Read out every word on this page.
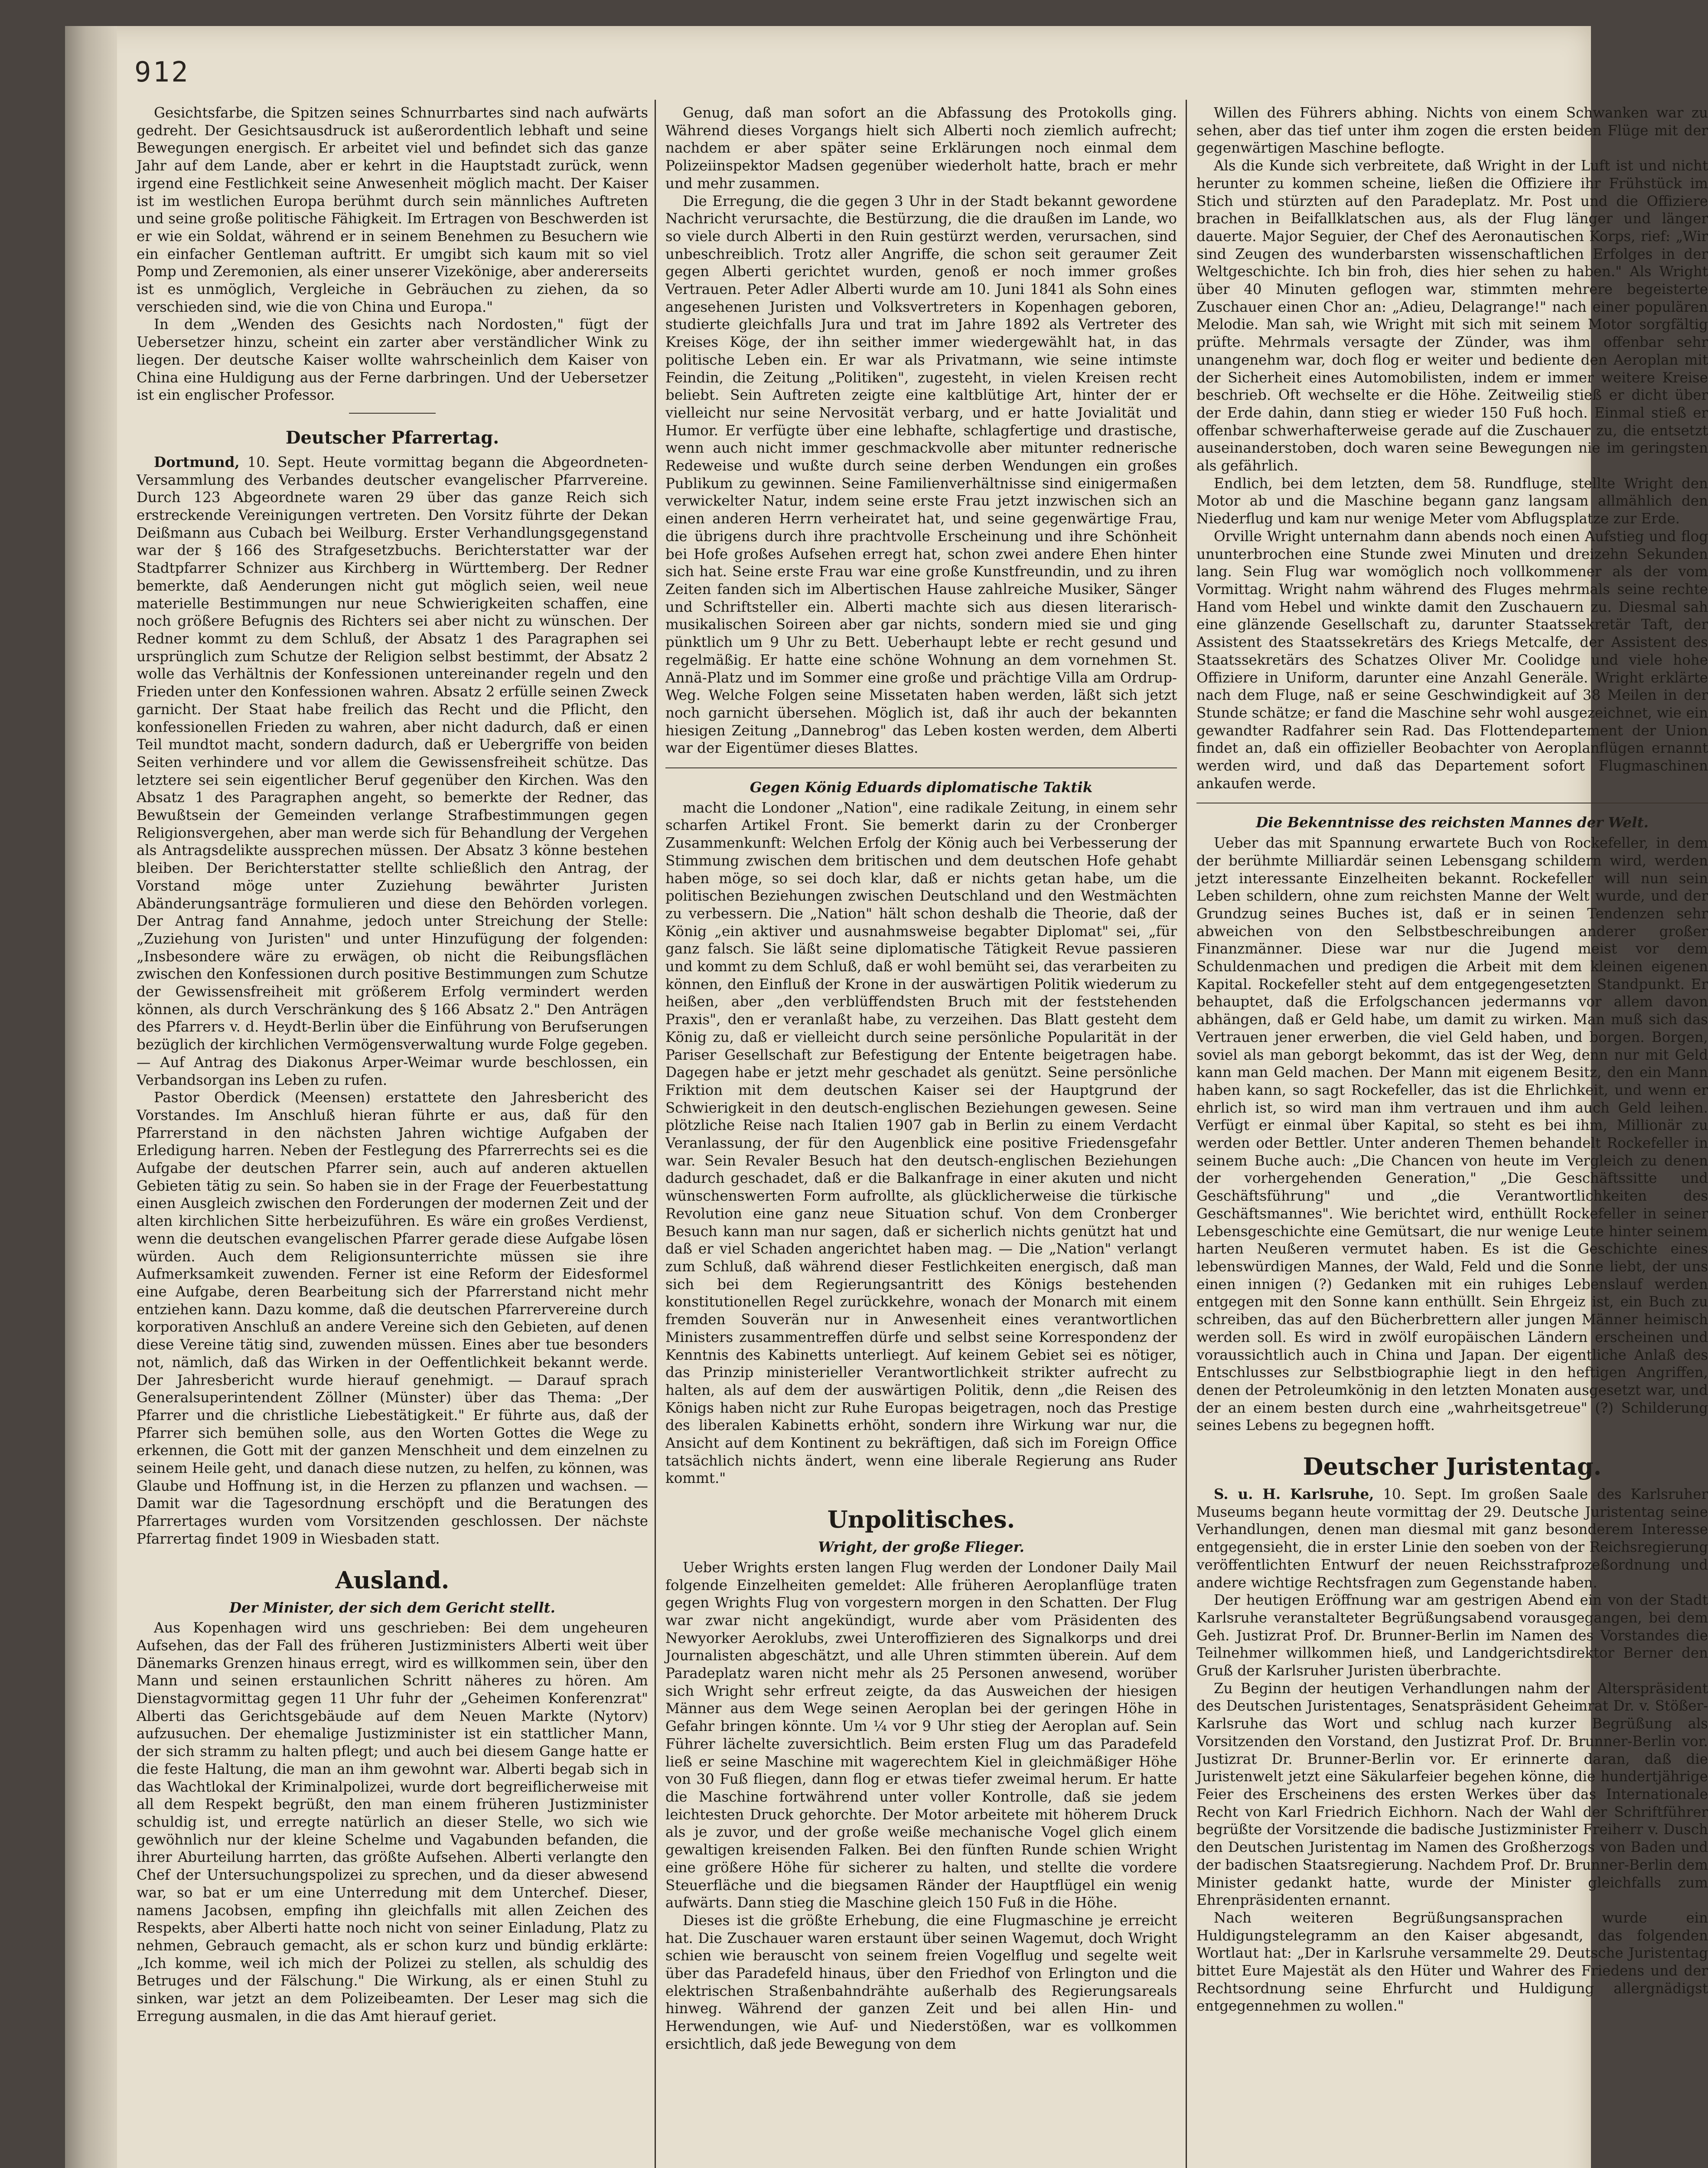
912

Gesichtsfarbe, die Spitzen seines Schnurrbartes sind nach aufwärts gedreht. Der Gesichtsausdruck ist außerordentlich lebhaft und seine Bewegungen energisch. Er arbeitet viel und befindet sich das ganze Jahr auf dem Lande, aber er kehrt in die Hauptstadt zurück, wenn irgend eine Festlichkeit seine Anwesenheit möglich macht. Der Kaiser ist im westlichen Europa berühmt durch sein männliches Auftreten und seine große politische Fähigkeit. Im Ertragen von Beschwerden ist er wie ein Soldat, während er in seinem Benehmen zu Besuchern wie ein einfacher Gentleman auftritt. Er umgibt sich kaum mit so viel Pomp und Zeremonien, als einer unserer Vizekönige, aber andererseits ist es unmöglich, Vergleiche in Gebräuchen zu ziehen, da so verschieden sind, wie die von China und Europa."

In dem „Wenden des Gesichts nach Nordosten," fügt der Uebersetzer hinzu, scheint ein zarter aber verständlicher Wink zu liegen. Der deutsche Kaiser wollte wahrscheinlich dem Kaiser von China eine Huldigung aus der Ferne darbringen. Und der Uebersetzer ist ein englischer Professor.

Deutscher Pfarrertag.

Dortmund, 10. Sept. Heute vormittag begann die Abgeordneten-Versammlung des Verbandes deutscher evangelischer Pfarrvereine. Durch 123 Abgeordnete waren 29 über das ganze Reich sich erstreckende Vereinigungen vertreten. Den Vorsitz führte der Dekan Deißmann aus Cubach bei Weilburg. Erster Verhandlungsgegenstand war der § 166 des Strafgesetzbuchs. Berichterstatter war der Stadtpfarrer Schnizer aus Kirchberg in Württemberg. Der Redner bemerkte, daß Aenderungen nicht gut möglich seien, weil neue materielle Bestimmungen nur neue Schwierigkeiten schaffen, eine noch größere Befugnis des Richters sei aber nicht zu wünschen. Der Redner kommt zu dem Schluß, der Absatz 1 des Paragraphen sei ursprünglich zum Schutze der Religion selbst bestimmt, der Absatz 2 wolle das Verhältnis der Konfessionen untereinander regeln und den Frieden unter den Konfessionen wahren. Absatz 2 erfülle seinen Zweck garnicht. Der Staat habe freilich das Recht und die Pflicht, den konfessionellen Frieden zu wahren, aber nicht dadurch, daß er einen Teil mundtot macht, sondern dadurch, daß er Uebergriffe von beiden Seiten verhindere und vor allem die Gewissensfreiheit schütze. Das letztere sei sein eigentlicher Beruf gegenüber den Kirchen. Was den Absatz 1 des Paragraphen angeht, so bemerkte der Redner, das Bewußtsein der Gemeinden verlange Strafbestimmungen gegen Religionsvergehen, aber man werde sich für Behandlung der Vergehen als Antragsdelikte aussprechen müssen. Der Absatz 3 könne bestehen bleiben. Der Berichterstatter stellte schließlich den Antrag, der Vorstand möge unter Zuziehung bewährter Juristen Abänderungsanträge formulieren und diese den Behörden vorlegen. Der Antrag fand Annahme, jedoch unter Streichung der Stelle: „Zuziehung von Juristen" und unter Hinzufügung der folgenden: „Insbesondere wäre zu erwägen, ob nicht die Reibungsflächen zwischen den Konfessionen durch positive Bestimmungen zum Schutze der Gewissensfreiheit mit größerem Erfolg vermindert werden können, als durch Verschränkung des § 166 Absatz 2." Den Anträgen des Pfarrers v. d. Heydt-Berlin über die Einführung von Berufserungen bezüglich der kirchlichen Vermögensverwaltung wurde Folge gegeben. — Auf Antrag des Diakonus Arper-Weimar wurde beschlossen, ein Verbandsorgan ins Leben zu rufen.

Pastor Oberdick (Meensen) erstattete den Jahresbericht des Vorstandes. Im Anschluß hieran führte er aus, daß für den Pfarrerstand in den nächsten Jahren wichtige Aufgaben der Erledigung harren. Neben der Festlegung des Pfarrerrechts sei es die Aufgabe der deutschen Pfarrer sein, auch auf anderen aktuellen Gebieten tätig zu sein. So haben sie in der Frage der Feuerbestattung einen Ausgleich zwischen den Forderungen der modernen Zeit und der alten kirchlichen Sitte herbeizuführen. Es wäre ein großes Verdienst, wenn die deutschen evangelischen Pfarrer gerade diese Aufgabe lösen würden. Auch dem Religionsunterrichte müssen sie ihre Aufmerksamkeit zuwenden. Ferner ist eine Reform der Eidesformel eine Aufgabe, deren Bearbeitung sich der Pfarrerstand nicht mehr entziehen kann. Dazu komme, daß die deutschen Pfarrervereine durch korporativen Anschluß an andere Vereine sich den Gebieten, auf denen diese Vereine tätig sind, zuwenden müssen. Eines aber tue besonders not, nämlich, daß das Wirken in der Oeffentlichkeit bekannt werde. Der Jahresbericht wurde hierauf genehmigt. — Darauf sprach Generalsuperintendent Zöllner (Münster) über das Thema: „Der Pfarrer und die christliche Liebestätigkeit." Er führte aus, daß der Pfarrer sich bemühen solle, aus den Worten Gottes die Wege zu erkennen, die Gott mit der ganzen Menschheit und dem einzelnen zu seinem Heile geht, und danach diese nutzen, zu helfen, zu können, was Glaube und Hoffnung ist, in die Herzen zu pflanzen und wachsen. — Damit war die Tagesordnung erschöpft und die Beratungen des Pfarrertages wurden vom Vorsitzenden geschlossen. Der nächste Pfarrertag findet 1909 in Wiesbaden statt.

Ausland.
Der Minister, der sich dem Gericht stellt.

Aus Kopenhagen wird uns geschrieben: Bei dem ungeheuren Aufsehen, das der Fall des früheren Justizministers Alberti weit über Dänemarks Grenzen hinaus erregt, wird es willkommen sein, über den Mann und seinen erstaunlichen Schritt näheres zu hören. Am Dienstagvormittag gegen 11 Uhr fuhr der „Geheimen Konferenzrat" Alberti das Gerichtsgebäude auf dem Neuen Markte (Nytorv) aufzusuchen. Der ehemalige Justizminister ist ein stattlicher Mann, der sich stramm zu halten pflegt; und auch bei diesem Gange hatte er die feste Haltung, die man an ihm gewohnt war. Alberti begab sich in das Wachtlokal der Kriminalpolizei, wurde dort begreiflicherweise mit all dem Respekt begrüßt, den man einem früheren Justizminister schuldig ist, und erregte natürlich an dieser Stelle, wo sich wie gewöhnlich nur der kleine Schelme und Vagabunden befanden, die ihrer Aburteilung harrten, das größte Aufsehen. Alberti verlangte den Chef der Untersuchungspolizei zu sprechen, und da dieser abwesend war, so bat er um eine Unterredung mit dem Unterchef. Dieser, namens Jacobsen, empfing ihn gleichfalls mit allen Zeichen des Respekts, aber Alberti hatte noch nicht von seiner Einladung, Platz zu nehmen, Gebrauch gemacht, als er schon kurz und bündig erklärte: „Ich komme, weil ich mich der Polizei zu stellen, als schuldig des Betruges und der Fälschung." Die Wirkung, als er einen Stuhl zu sinken, war jetzt an dem Polizeibeamten. Der Leser mag sich die Erregung ausmalen, in die das Amt hierauf geriet.

Genug, daß man sofort an die Abfassung des Protokolls ging. Während dieses Vorgangs hielt sich Alberti noch ziemlich aufrecht; nachdem er aber später seine Erklärungen noch einmal dem Polizeiinspektor Madsen gegenüber wiederholt hatte, brach er mehr und mehr zusammen.

Die Erregung, die die gegen 3 Uhr in der Stadt bekannt gewordene Nachricht verursachte, die Bestürzung, die die draußen im Lande, wo so viele durch Alberti in den Ruin gestürzt werden, verursachen, sind unbeschreiblich. Trotz aller Angriffe, die schon seit geraumer Zeit gegen Alberti gerichtet wurden, genoß er noch immer großes Vertrauen. Peter Adler Alberti wurde am 10. Juni 1841 als Sohn eines angesehenen Juristen und Volksvertreters in Kopenhagen geboren, studierte gleichfalls Jura und trat im Jahre 1892 als Vertreter des Kreises Köge, der ihn seither immer wiedergewählt hat, in das politische Leben ein. Er war als Privatmann, wie seine intimste Feindin, die Zeitung „Politiken", zugesteht, in vielen Kreisen recht beliebt. Sein Auftreten zeigte eine kaltblütige Art, hinter der er vielleicht nur seine Nervosität verbarg, und er hatte Jovialität und Humor. Er verfügte über eine lebhafte, schlagfertige und drastische, wenn auch nicht immer geschmackvolle aber mitunter rednerische Redeweise und wußte durch seine derben Wendungen ein großes Publikum zu gewinnen. Seine Familienverhältnisse sind einigermaßen verwickelter Natur, indem seine erste Frau jetzt inzwischen sich an einen anderen Herrn verheiratet hat, und seine gegenwärtige Frau, die übrigens durch ihre prachtvolle Erscheinung und ihre Schönheit bei Hofe großes Aufsehen erregt hat, schon zwei andere Ehen hinter sich hat. Seine erste Frau war eine große Kunstfreundin, und zu ihren Zeiten fanden sich im Albertischen Hause zahlreiche Musiker, Sänger und Schriftsteller ein. Alberti machte sich aus diesen literarisch-musikalischen Soireen aber gar nichts, sondern mied sie und ging pünktlich um 9 Uhr zu Bett. Ueberhaupt lebte er recht gesund und regelmäßig. Er hatte eine schöne Wohnung an dem vornehmen St. Annä-Platz und im Sommer eine große und prächtige Villa am Ordrup-Weg. Welche Folgen seine Missetaten haben werden, läßt sich jetzt noch garnicht übersehen. Möglich ist, daß ihr auch der bekannten hiesigen Zeitung „Dannebrog" das Leben kosten werden, dem Alberti war der Eigentümer dieses Blattes.

Gegen König Eduards diplomatische Taktik

macht die Londoner „Nation", eine radikale Zeitung, in einem sehr scharfen Artikel Front. Sie bemerkt darin zu der Cronberger Zusammenkunft: Welchen Erfolg der König auch bei Verbesserung der Stimmung zwischen dem britischen und dem deutschen Hofe gehabt haben möge, so sei doch klar, daß er nichts getan habe, um die politischen Beziehungen zwischen Deutschland und den Westmächten zu verbessern. Die „Nation" hält schon deshalb die Theorie, daß der König „ein aktiver und ausnahmsweise begabter Diplomat" sei, „für ganz falsch. Sie läßt seine diplomatische Tätigkeit Revue passieren und kommt zu dem Schluß, daß er wohl bemüht sei, das verarbeiten zu können, den Einfluß der Krone in der auswärtigen Politik wiederum zu heißen, aber „den verblüffendsten Bruch mit der feststehenden Praxis", den er veranlaßt habe, zu verzeihen. Das Blatt gesteht dem König zu, daß er vielleicht durch seine persönliche Popularität in der Pariser Gesellschaft zur Befestigung der Entente beigetragen habe. Dagegen habe er jetzt mehr geschadet als genützt. Seine persönliche Friktion mit dem deutschen Kaiser sei der Hauptgrund der Schwierigkeit in den deutsch-englischen Beziehungen gewesen. Seine plötzliche Reise nach Italien 1907 gab in Berlin zu einem Verdacht Veranlassung, der für den Augenblick eine positive Friedensgefahr war. Sein Revaler Besuch hat den deutsch-englischen Beziehungen dadurch geschadet, daß er die Balkanfrage in einer akuten und nicht wünschenswerten Form aufrollte, als glücklicherweise die türkische Revolution eine ganz neue Situation schuf. Von dem Cronberger Besuch kann man nur sagen, daß er sicherlich nichts genützt hat und daß er viel Schaden angerichtet haben mag. — Die „Nation" verlangt zum Schluß, daß während dieser Festlichkeiten energisch, daß man sich bei dem Regierungsantritt des Königs bestehenden konstitutionellen Regel zurückkehre, wonach der Monarch mit einem fremden Souverän nur in Anwesenheit eines verantwortlichen Ministers zusammentreffen dürfe und selbst seine Korrespondenz der Kenntnis des Kabinetts unterliegt. Auf keinem Gebiet sei es nötiger, das Prinzip ministerieller Verantwortlichkeit strikter aufrecht zu halten, als auf dem der auswärtigen Politik, denn „die Reisen des Königs haben nicht zur Ruhe Europas beigetragen, noch das Prestige des liberalen Kabinetts erhöht, sondern ihre Wirkung war nur, die Ansicht auf dem Kontinent zu bekräftigen, daß sich im Foreign Office tatsächlich nichts ändert, wenn eine liberale Regierung ans Ruder kommt."

Unpolitisches.
Wright, der große Flieger.

Ueber Wrights ersten langen Flug werden der Londoner Daily Mail folgende Einzelheiten gemeldet: Alle früheren Aeroplanflüge traten gegen Wrights Flug von vorgestern morgen in den Schatten. Der Flug war zwar nicht angekündigt, wurde aber vom Präsidenten des Newyorker Aeroklubs, zwei Unteroffizieren des Signalkorps und drei Journalisten abgeschätzt, und alle Uhren stimmten überein. Auf dem Paradeplatz waren nicht mehr als 25 Personen anwesend, worüber sich Wright sehr erfreut zeigte, da das Ausweichen der hiesigen Männer aus dem Wege seinen Aeroplan bei der geringen Höhe in Gefahr bringen könnte. Um ¼ vor 9 Uhr stieg der Aeroplan auf. Sein Führer lächelte zuversichtlich. Beim ersten Flug um das Paradefeld ließ er seine Maschine mit wagerechtem Kiel in gleichmäßiger Höhe von 30 Fuß fliegen, dann flog er etwas tiefer zweimal herum. Er hatte die Maschine fortwährend unter voller Kontrolle, daß sie jedem leichtesten Druck gehorchte. Der Motor arbeitete mit höherem Druck als je zuvor, und der große weiße mechanische Vogel glich einem gewaltigen kreisenden Falken. Bei den fünften Runde schien Wright eine größere Höhe für sicherer zu halten, und stellte die vordere Steuerfläche und die biegsamen Ränder der Hauptflügel ein wenig aufwärts. Dann stieg die Maschine gleich 150 Fuß in die Höhe.

Dieses ist die größte Erhebung, die eine Flugmaschine je erreicht hat. Die Zuschauer waren erstaunt über seinen Wagemut, doch Wright schien wie berauscht von seinem freien Vogelflug und segelte weit über das Paradefeld hinaus, über den Friedhof von Erlington und die elektrischen Straßenbahndrähte außerhalb des Regierungsareals hinweg. Während der ganzen Zeit und bei allen Hin- und Herwendungen, wie Auf- und Niederstößen, war es vollkommen ersichtlich, daß jede Bewegung von dem

Willen des Führers abhing. Nichts von einem Schwanken war zu sehen, aber das tief unter ihm zogen die ersten beiden Flüge mit der gegenwärtigen Maschine beflogte.

Als die Kunde sich verbreitete, daß Wright in der Luft ist und nicht herunter zu kommen scheine, ließen die Offiziere ihr Frühstück im Stich und stürzten auf den Paradeplatz. Mr. Post und die Offiziere brachen in Beifallklatschen aus, als der Flug länger und länger dauerte. Major Seguier, der Chef des Aeronautischen Korps, rief: „Wir sind Zeugen des wunderbarsten wissenschaftlichen Erfolges in der Weltgeschichte. Ich bin froh, dies hier sehen zu haben." Als Wright über 40 Minuten geflogen war, stimmten mehrere begeisterte Zuschauer einen Chor an: „Adieu, Delagrange!" nach einer populären Melodie. Man sah, wie Wright mit sich mit seinem Motor sorgfältig prüfte. Mehrmals versagte der Zünder, was ihm offenbar sehr unangenehm war, doch flog er weiter und bediente den Aeroplan mit der Sicherheit eines Automobilisten, indem er immer weitere Kreise beschrieb. Oft wechselte er die Höhe. Zeitweilig stieß er dicht über der Erde dahin, dann stieg er wieder 150 Fuß hoch. Einmal stieß er offenbar schwerhafterweise gerade auf die Zuschauer zu, die entsetzt auseinanderstoben, doch waren seine Bewegungen nie im geringsten als gefährlich.

Endlich, bei dem letzten, dem 58. Rundfluge, stellte Wright den Motor ab und die Maschine begann ganz langsam allmählich den Niederflug und kam nur wenige Meter vom Abflugsplatze zur Erde.

Orville Wright unternahm dann abends noch einen Aufstieg und flog ununterbrochen eine Stunde zwei Minuten und dreizehn Sekunden lang. Sein Flug war womöglich noch vollkommener als der vom Vormittag. Wright nahm während des Fluges mehrmals seine rechte Hand vom Hebel und winkte damit den Zuschauern zu. Diesmal sah eine glänzende Gesellschaft zu, darunter Staatssekretär Taft, der Assistent des Staatssekretärs des Kriegs Metcalfe, der Assistent des Staatssekretärs des Schatzes Oliver Mr. Coolidge und viele hohe Offiziere in Uniform, darunter eine Anzahl Generäle. Wright erklärte nach dem Fluge, naß er seine Geschwindigkeit auf 38 Meilen in der Stunde schätze; er fand die Maschine sehr wohl ausgezeichnet, wie ein gewandter Radfahrer sein Rad. Das Flottendepartement der Union findet an, daß ein offizieller Beobachter von Aeroplanflügen ernannt werden wird, und daß das Departement sofort Flugmaschinen ankaufen werde.

Die Bekenntnisse des reichsten Mannes der Welt.

Ueber das mit Spannung erwartete Buch von Rockefeller, in dem der berühmte Milliardär seinen Lebensgang schildern wird, werden jetzt interessante Einzelheiten bekannt. Rockefeller will nun sein Leben schildern, ohne zum reichsten Manne der Welt wurde, und der Grundzug seines Buches ist, daß er in seinen Tendenzen sehr abweichen von den Selbstbeschreibungen anderer großer Finanzmänner. Diese war nur die Jugend meist vor dem Schuldenmachen und predigen die Arbeit mit dem kleinen eigenen Kapital. Rockefeller steht auf dem entgegengesetzten Standpunkt. Er behauptet, daß die Erfolgschancen jedermanns vor allem davon abhängen, daß er Geld habe, um damit zu wirken. Man muß sich das Vertrauen jener erwerben, die viel Geld haben, und borgen. Borgen, soviel als man geborgt bekommt, das ist der Weg, denn nur mit Geld kann man Geld machen. Der Mann mit eigenem Besitz, den ein Mann haben kann, so sagt Rockefeller, das ist die Ehrlichkeit, und wenn er ehrlich ist, so wird man ihm vertrauen und ihm auch Geld leihen. Verfügt er einmal über Kapital, so steht es bei ihm, Millionär zu werden oder Bettler. Unter anderen Themen behandelt Rockefeller in seinem Buche auch: „Die Chancen von heute im Vergleich zu denen der vorhergehenden Generation," „Die Geschäftssitte und Geschäftsführung" und „die Verantwortlichkeiten des Geschäftsmannes". Wie berichtet wird, enthüllt Rockefeller in seiner Lebensgeschichte eine Gemütsart, die nur wenige Leute hinter seinem harten Neußeren vermutet haben. Es ist die Geschichte eines lebenswürdigen Mannes, der Wald, Feld und die Sonne liebt, der uns einen innigen (?) Gedanken mit ein ruhiges Lebenslauf werden entgegen mit den Sonne kann enthüllt. Sein Ehrgeiz ist, ein Buch zu schreiben, das auf den Bücherbrettern aller jungen Männer heimisch werden soll. Es wird in zwölf europäischen Ländern erscheinen und voraussichtlich auch in China und Japan. Der eigentliche Anlaß des Entschlusses zur Selbstbiographie liegt in den heftigen Angriffen, denen der Petroleumkönig in den letzten Monaten ausgesetzt war, und der an einem besten durch eine „wahrheitsgetreue" (?) Schilderung seines Lebens zu begegnen hofft.

Deutscher Juristentag.

S. u. H. Karlsruhe, 10. Sept. Im großen Saale des Karlsruher Museums begann heute vormittag der 29. Deutsche Juristentag seine Verhandlungen, denen man diesmal mit ganz besonderem Interesse entgegensieht, die in erster Linie den soeben von der Reichsregierung veröffentlichten Entwurf der neuen Reichsstrafprozeßordnung und andere wichtige Rechtsfragen zum Gegenstande haben.

Der heutigen Eröffnung war am gestrigen Abend ein von der Stadt Karlsruhe veranstalteter Begrüßungsabend vorausgegangen, bei dem Geh. Justizrat Prof. Dr. Brunner-Berlin im Namen des Vorstandes die Teilnehmer willkommen hieß, und Landgerichtsdirektor Berner den Gruß der Karlsruher Juristen überbrachte.

Zu Beginn der heutigen Verhandlungen nahm der Alterspräsident des Deutschen Juristentages, Senatspräsident Geheimrat Dr. v. Stößer-Karlsruhe das Wort und schlug nach kurzer Begrüßung als Vorsitzenden den Vorstand, den Justizrat Prof. Dr. Brunner-Berlin vor. Justizrat Dr. Brunner-Berlin vor. Er erinnerte daran, daß die Juristenwelt jetzt eine Säkularfeier begehen könne, die hundertjährige Feier des Erscheinens des ersten Werkes über das Internationale Recht von Karl Friedrich Eichhorn. Nach der Wahl der Schriftführer begrüßte der Vorsitzende die badische Justizminister Freiherr v. Dusch den Deutschen Juristentag im Namen des Großherzogs von Baden und der badischen Staatsregierung. Nachdem Prof. Dr. Brunner-Berlin dem Minister gedankt hatte, wurde der Minister gleichfalls zum Ehrenpräsidenten ernannt.

Nach weiteren Begrüßungsansprachen wurde ein Huldigungstelegramm an den Kaiser abgesandt, das folgenden Wortlaut hat: „Der in Karlsruhe versammelte 29. Deutsche Juristentag bittet Eure Majestät als den Hüter und Wahrer des Friedens und der Rechtsordnung seine Ehrfurcht und Huldigung allergnädigst entgegennehmen zu wollen."
